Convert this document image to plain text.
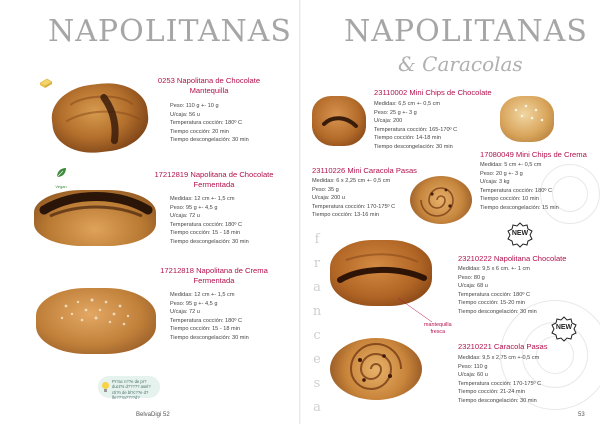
NAPOLITANAS
0253 Napolitana de Chocolate Mantequilla
Peso: 110 g +- 10 g
U/caja: 56 u
Temperatura cocción: 180º C
Tiempo cocción: 20 min
Tiempo descongelación: 30 min
Vegan
17212819 Napolitana de Chocolate Fermentada
Medidas: 12 cm +- 1,5 cm
Peso: 95 g +- 4,5 g
U/caja: 72 u
Temperatura cocción: 180º C
Tiempo cocción: 15 - 18 min
Tiempo descongelación: 30 min
17212818 Napolitana de Crema Fermentada
Medidas: 12 cm +- 1,5 cm
Peso: 95 g +- 4,5 g
U/caja: 72 u
Temperatura cocción: 180º C
Tiempo cocción: 15 - 18 min
Tiempo descongelación: 30 min
Pr?ac n??e de pr?duct?s d????? asel?cti?n de bl?c??e d?lfe???a????d?
BelvaDigi 52
NAPOLITANAS
& Caracolas
23110002 Mini Chips de Chocolate
Medidas: 6,5 cm +- 0,5 cm
Peso: 25 g +- 3 g
U/caja: 200
Temperatura cocción: 165-170º C
Tiempo cocción: 14-18 min
Tiempo descongelación: 30 min
17080049 Mini Chips de Crema
Medidas: 5 cm +- 0,5 cm
Peso: 20 g +- 3 g
U/caja: 3 kg
Temperatura cocción: 180º C
Tiempo cocción: 10 min
Tiempo descongelación: 15 min
NEW
23110226 Mini Caracola Pasas
Medidas: 6 x 2,25 cm +- 0,5 cm
Peso: 35 g
U/caja: 200 u
Temperatura cocción: 170-175º C
Tiempo cocción: 13-16 min
f
r
a
n
c
e
s
a
23210222 Napolitana Chocolate
Medidas: 9,5 x 6 cm. +- 1 cm
Peso: 80 g
U/caja: 68 u
Temperatura cocción: 180º C
Tiempo cocción: 15-20 min
Tiempo descongelación: 30 min
NEW
mantequilla
fresca
23210221 Caracola Pasas
Medidas: 9,5 x 2,75 cm +-0,5 cm
Peso: 110 g
U/caja: 60 u
Temperatura cocción: 170-175º C
Tiempo cocción: 21-24 min
Tiempo descongelación: 30 min
53
